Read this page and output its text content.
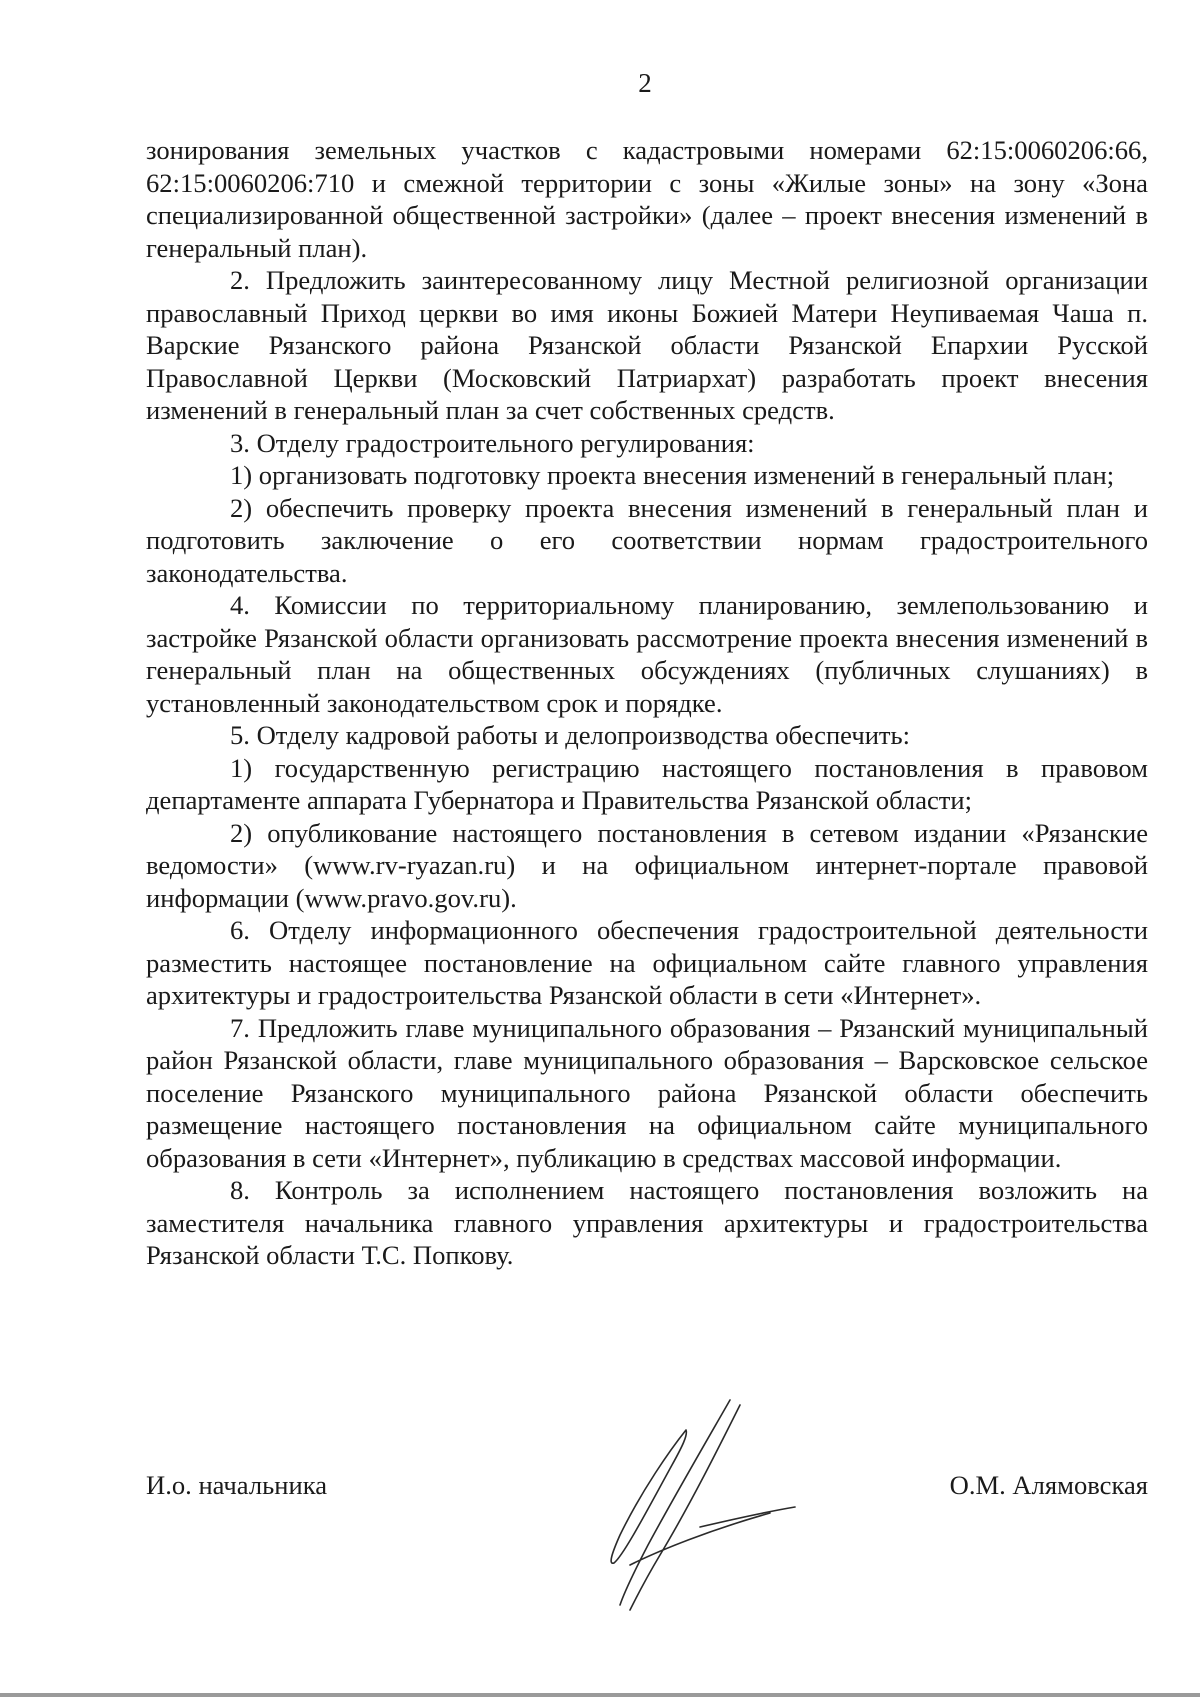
2

зонирования земельных участков с кадастровыми номерами 62:15:0060206:66, 62:15:0060206:710 и смежной территории с зоны «Жилые зоны» на зону «Зона специализированной общественной застройки» (далее – проект внесения изменений в генеральный план).

2. Предложить заинтересованному лицу Местной религиозной организации православный Приход церкви во имя иконы Божией Матери Неупиваемая Чаша п. Варские Рязанского района Рязанской области Рязанской Епархии Русской Православной Церкви (Московский Патриархат) разработать проект внесения изменений в генеральный план за счет собственных средств.

3. Отделу градостроительного регулирования:

1) организовать подготовку проекта внесения изменений в генеральный план;

2) обеспечить проверку проекта внесения изменений в генеральный план и подготовить заключение о его соответствии нормам градостроительного законодательства.

4. Комиссии по территориальному планированию, землепользованию и застройке Рязанской области организовать рассмотрение проекта внесения изменений в генеральный план на общественных обсуждениях (публичных слушаниях) в установленный законодательством срок и порядке.

5. Отделу кадровой работы и делопроизводства обеспечить:

1) государственную регистрацию настоящего постановления в правовом департаменте аппарата Губернатора и Правительства Рязанской области;

2) опубликование настоящего постановления в сетевом издании «Рязанские ведомости» (www.rv-ryazan.ru) и на официальном интернет-портале правовой информации (www.pravo.gov.ru).

6. Отделу информационного обеспечения градостроительной деятельности разместить настоящее постановление на официальном сайте главного управления архитектуры и градостроительства Рязанской области в сети «Интернет».

7. Предложить главе муниципального образования – Рязанский муниципальный район Рязанской области, главе муниципального образования – Варсковское сельское поселение Рязанского муниципального района Рязанской области обеспечить размещение настоящего постановления на официальном сайте муниципального образования в сети «Интернет», публикацию в средствах массовой информации.

8. Контроль за исполнением настоящего постановления возложить на заместителя начальника главного управления архитектуры и градостроительства Рязанской области Т.С. Попкову.

И.о. начальника	О.М. Алямовская
